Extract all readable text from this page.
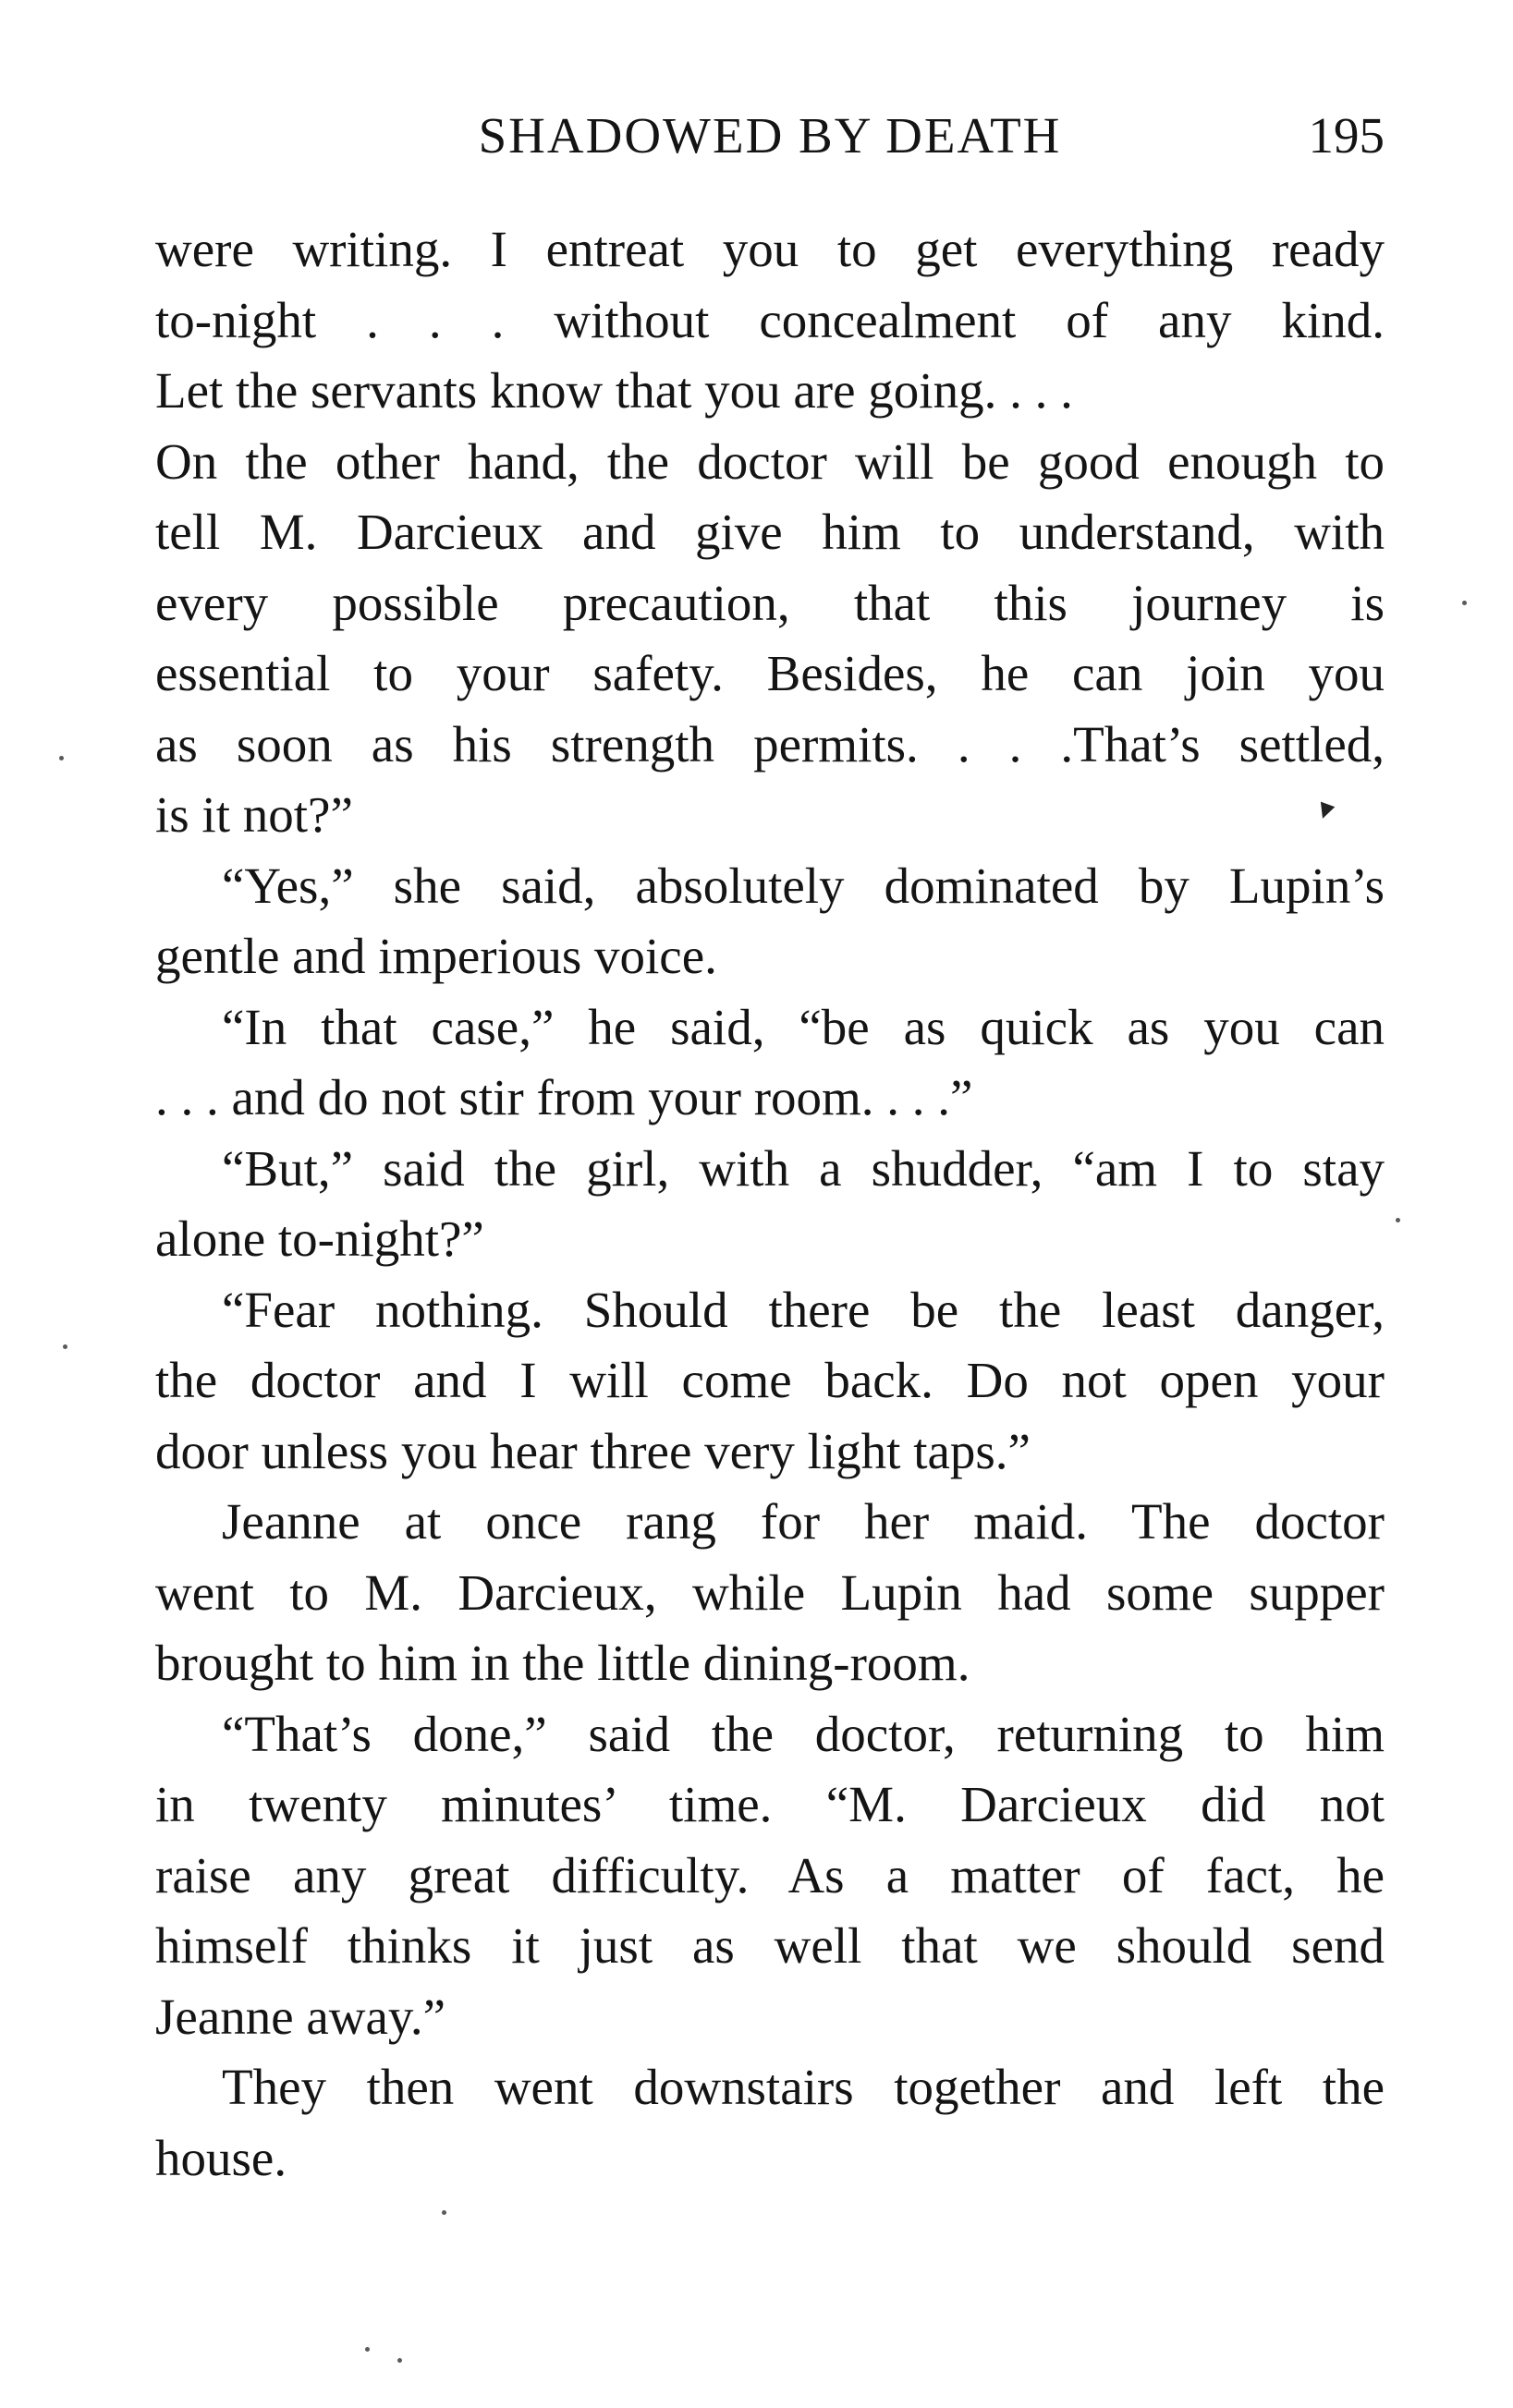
SHADOWED BY DEATH	195
were writing. I entreat you to get everything ready
to-night . . . without concealment of any kind.
Let the servants know that you are going. . . .
On the other hand, the doctor will be good enough to
tell M. Darcieux and give him to understand, with
every possible precaution, that this journey is
essential to your safety. Besides, he can join you
as soon as his strength permits. . . .That’s settled,
is it not?”
“Yes,” she said, absolutely dominated by Lupin’s
gentle and imperious voice.
“In that case,” he said, “be as quick as you can
. . . and do not stir from your room. . . .”
“But,” said the girl, with a shudder, “am I to stay
alone to-night?”
“Fear nothing. Should there be the least danger,
the doctor and I will come back. Do not open your
door unless you hear three very light taps.”
Jeanne at once rang for her maid. The doctor
went to M. Darcieux, while Lupin had some supper
brought to him in the little dining-room.
“That’s done,” said the doctor, returning to him
in twenty minutes’ time. “M. Darcieux did not
raise any great difficulty. As a matter of fact, he
himself thinks it just as well that we should send
Jeanne away.”
They then went downstairs together and left the
house.
▼
